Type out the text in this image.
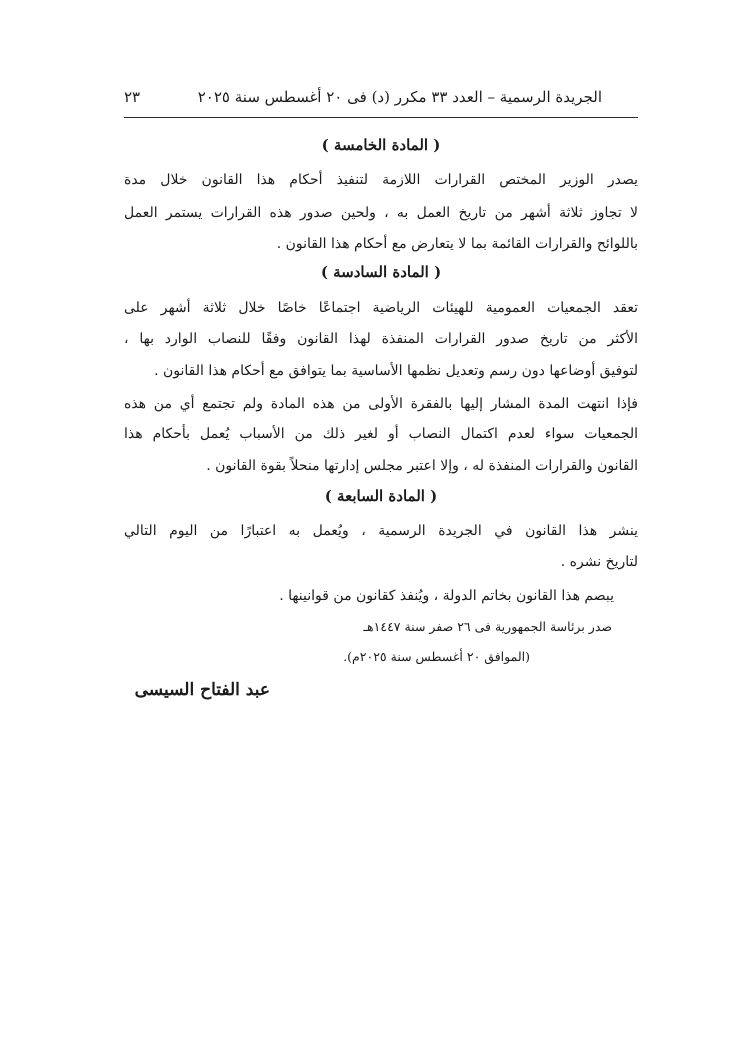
الجريدة الرسمية – العدد ٣٣ مكرر (د) فى ٢٠ أغسطس سنة ٢٠٢٥
٢٣
( المادة الخامسة )
يصدر الوزير المختص القرارات اللازمة لتنفيذ أحكام هذا القانون خلال مدة
لا تجاوز ثلاثة أشهر من تاريخ العمل به ، ولحين صدور هذه القرارات يستمر العمل
باللوائح والقرارات القائمة بما لا يتعارض مع أحكام هذا القانون .
( المادة السادسة )
تعقد الجمعيات العمومية للهيئات الرياضية اجتماعًا خاصًا خلال ثلاثة أشهر على
الأكثر من تاريخ صدور القرارات المنفذة لهذا القانون وفقًا للنصاب الوارد بها ،
لتوفيق أوضاعها دون رسم وتعديل نظمها الأساسية بما يتوافق مع أحكام هذا القانون .
فإذا انتهت المدة المشار إليها بالفقرة الأولى من هذه المادة ولم تجتمع أي من هذه
الجمعيات سواء لعدم اكتمال النصاب أو لغير ذلك من الأسباب يُعمل بأحكام هذا
القانون والقرارات المنفذة له ، وإلا اعتبر مجلس إدارتها منحلاً بقوة القانون .
( المادة السابعة )
ينشر هذا القانون في الجريدة الرسمية ، ويُعمل به اعتبارًا من اليوم التالي
لتاريخ نشره .
يبصم هذا القانون بخاتم الدولة ، ويُنفذ كقانون من قوانينها .
صدر برئاسة الجمهورية فى ٢٦ صفر سنة ١٤٤٧هـ
(الموافق ٢٠ أغسطس سنة ٢٠٢٥م).
عبد الفتاح السيسى
